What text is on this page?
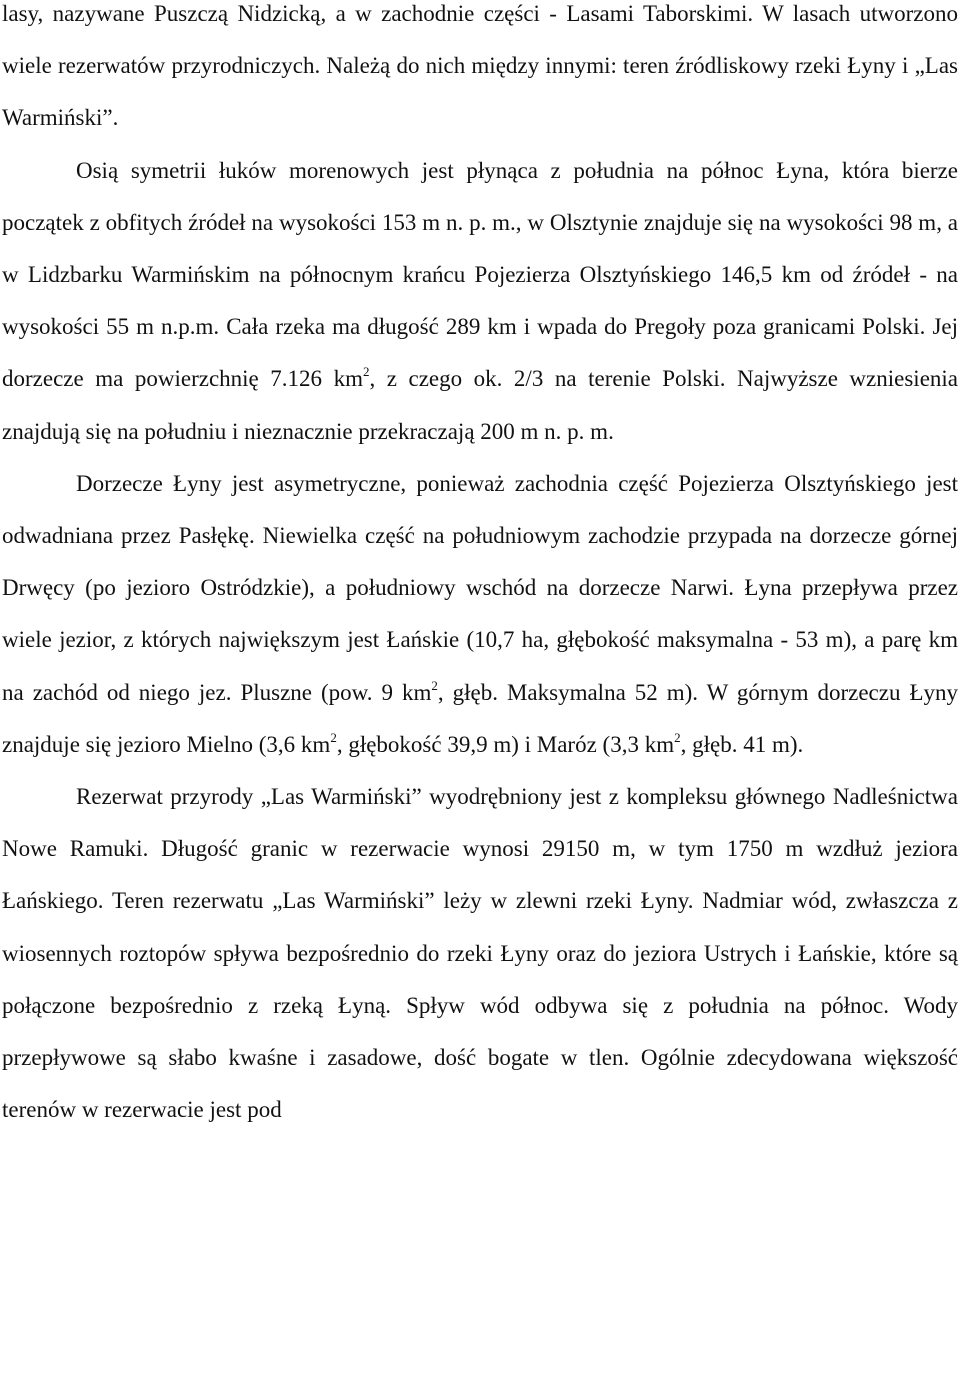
lasy, nazywane Puszczą Nidzicką, a w zachodnie części - Lasami Taborskimi. W lasach utworzono wiele rezerwatów przyrodniczych. Należą do nich między innymi: teren źródliskowy rzeki Łyny i „Las Warmiński”.

Osią symetrii łuków morenowych jest płynąca z południa na północ Łyna, która bierze początek z obfitych źródeł na wysokości 153 m n. p. m., w Olsztynie znajduje się na wysokości 98 m, a w Lidzbarku Warmińskim na północnym krańcu Pojezierza Olsztyńskiego 146,5 km od źródeł - na wysokości 55 m n.p.m. Cała rzeka ma długość 289 km i wpada do Pregoły poza granicami Polski. Jej dorzecze ma powierzchnię 7.126 $km^2$, z czego ok. 2/3 na terenie Polski. Najwyższe wzniesienia znajdują się na południu i nieznacznie przekraczają 200 m n. p. m.

Dorzecze Łyny jest asymetryczne, ponieważ zachodnia część Pojezierza Olsztyńskiego jest odwadniana przez Pasłękę. Niewielka część na południowym zachodzie przypada na dorzecze górnej Drwęcy (po jezioro Ostródzkie), a południowy wschód na dorzecze Narwi. Łyna przepływa przez wiele jezior, z których największym jest Łańskie (10,7 ha, głębokość maksymalna - 53 m), a parę km na zachód od niego jez. Pluszne (pow. 9 $km^2$, głęb. Maksymalna 52 m). W górnym dorzeczu Łyny znajduje się jezioro Mielno (3,6 $km^2$, głębokość 39,9 m) i Maróz (3,3 $km^2$, głęb. 41 m).

Rezerwat przyrody „Las Warmiński” wyodrębniony jest z kompleksu głównego Nadleśnictwa Nowe Ramuki. Długość granic w rezerwacie wynosi 29150 m, w tym 1750 m wzdłuż jeziora Łańskiego. Teren rezerwatu „Las Warmiński” leży w zlewni rzeki Łyny. Nadmiar wód, zwłaszcza z wiosennych roztopów spływa bezpośrednio do rzeki Łyny oraz do jeziora Ustrych i Łańskie, które są połączone bezpośrednio z rzeką Łyną. Spływ wód odbywa się z południa na północ. Wody przepływowe są słabo kwaśne i zasadowe, dość bogate w tlen. Ogólnie zdecydowana większość terenów w rezerwacie jest pod
